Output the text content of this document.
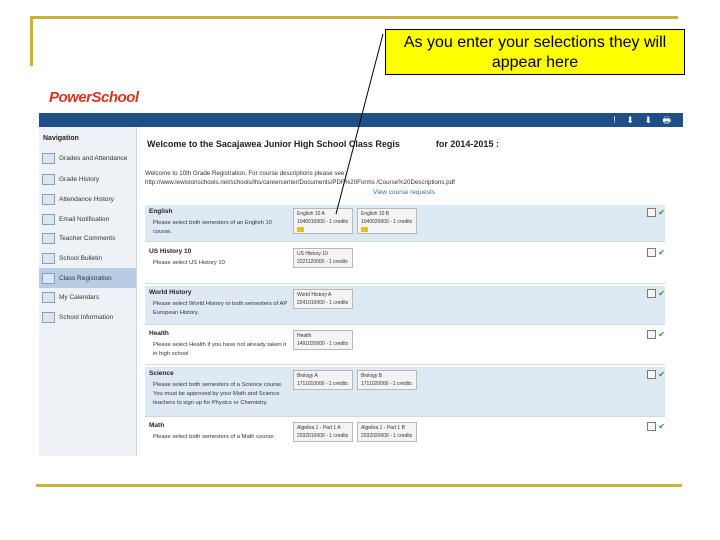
PowerSchool
! ⬇ ⬇ 🖶
Navigation
Grades and Attendance
Grade History
Attendance History
Email Notification
Teacher Comments
School Bulletin
Class Registration
My Calendars
School Information
Welcome to the Sacajawea Junior High School Class Regis	for 2014-2015 :
Welcome to 10th Grade Registration. For course descriptions please see: http://www.lewistonschools.net/schools/lhs/careercenter/Documents/PDF%20Forms /Course%20Descriptions.pdf
View course requests
English
Please select both semesters of an English 10 course.
English 10 A
1040010000 - 1 credits
English 10 B
1040020000 - 1 credits
✔
US History 10
Please select US History 10
US History 10
2221120000 - 1 credits
✔
World History
Please select World History or both semesters of AP European History.
World History A
2241010000 - 1 credits
✔
Health
Please select Health if you have not already taken it in high school
Health
1491020000 - 1 credits
✔
Science
Please select both semesters of a Science course. You must be approved by your Math and Science teachers to sign up for Physics or Chemistry.
Biology A
1711010000 - 1 credits
Biology B
1711020000 - 1 credits
✔
Math
Please select both semesters of a Math course.
Algebra 1 - Part 1 A
2032010000 - 1 credits
Algebra 1 - Part 1 B
2032020000 - 1 credits
✔
As you enter your selections they will appear here
